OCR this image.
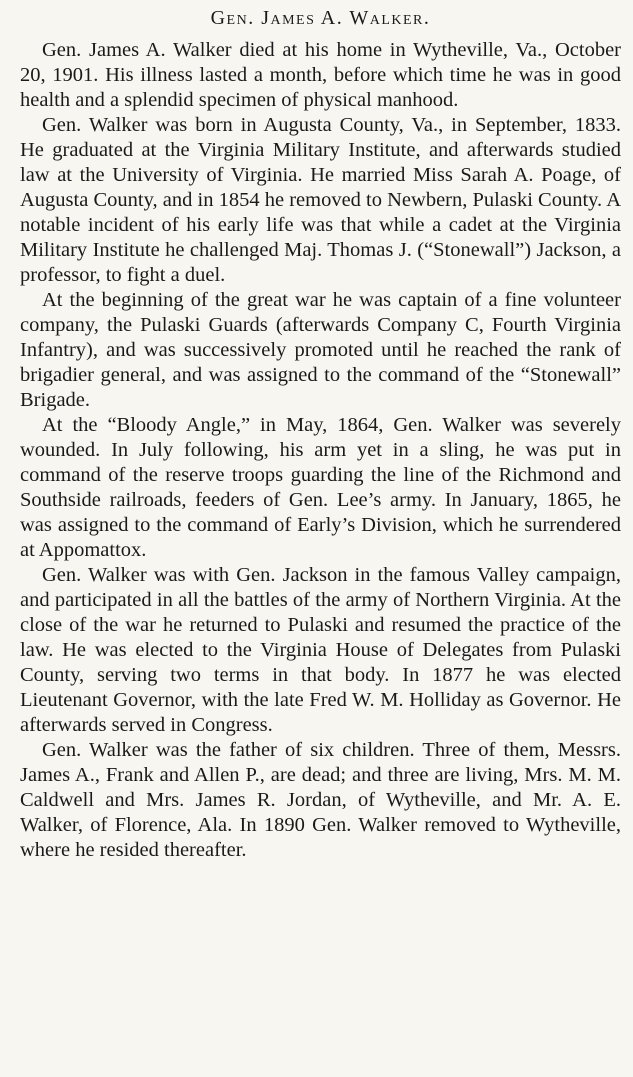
Gen. James A. Walker.

Gen. James A. Walker died at his home in Wytheville, Va., October 20, 1901. His illness lasted a month, before which time he was in good health and a splendid specimen of physical manhood.

Gen. Walker was born in Augusta County, Va., in September, 1833. He graduated at the Virginia Military Institute, and afterwards studied law at the University of Virginia. He married Miss Sarah A. Poage, of Augusta County, and in 1854 he removed to Newbern, Pulaski County. A notable incident of his early life was that while a cadet at the Virginia Military Institute he challenged Maj. Thomas J. (“Stonewall”) Jackson, a professor, to fight a duel.

At the beginning of the great war he was captain of a fine volunteer company, the Pulaski Guards (afterwards Company C, Fourth Virginia Infantry), and was successively promoted until he reached the rank of brigadier general, and was assigned to the command of the “Stonewall” Brigade.

At the “Bloody Angle,” in May, 1864, Gen. Walker was severely wounded. In July following, his arm yet in a sling, he was put in command of the reserve troops guarding the line of the Richmond and Southside railroads, feeders of Gen. Lee’s army. In January, 1865, he was assigned to the command of Early’s Division, which he surrendered at Appomattox.

Gen. Walker was with Gen. Jackson in the famous Valley campaign, and participated in all the battles of the army of Northern Virginia. At the close of the war he returned to Pulaski and resumed the practice of the law. He was elected to the Virginia House of Delegates from Pulaski County, serving two terms in that body. In 1877 he was elected Lieutenant Governor, with the late Fred W. M. Holliday as Governor. He afterwards served in Congress.

Gen. Walker was the father of six children. Three of them, Messrs. James A., Frank and Allen P., are dead; and three are living, Mrs. M. M. Caldwell and Mrs. James R. Jordan, of Wytheville, and Mr. A. E. Walker, of Florence, Ala. In 1890 Gen. Walker removed to Wytheville, where he resided thereafter.
